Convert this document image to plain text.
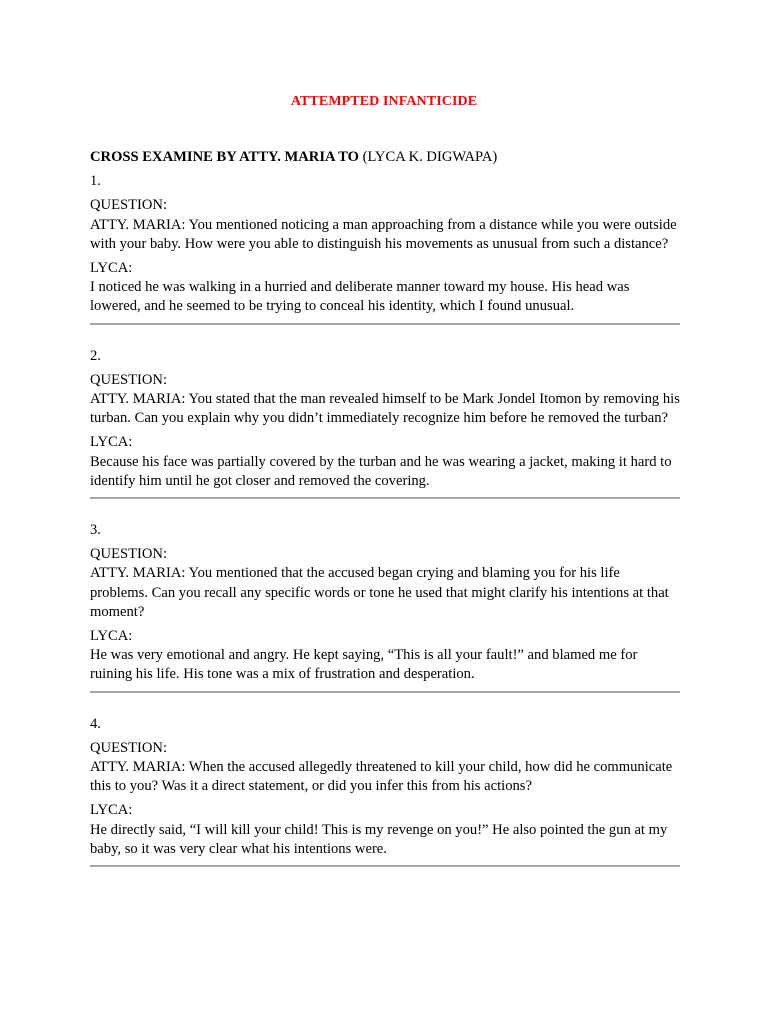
ATTEMPTED INFANTICIDE

CROSS EXAMINE BY ATTY. MARIA TO (LYCA K. DIGWAPA)

1.

QUESTION:

ATTY. MARIA: You mentioned noticing a man approaching from a distance while you were outside with your baby. How were you able to distinguish his movements as unusual from such a distance?

LYCA:

I noticed he was walking in a hurried and deliberate manner toward my house. His head was lowered, and he seemed to be trying to conceal his identity, which I found unusual.

2.

QUESTION:

ATTY. MARIA: You stated that the man revealed himself to be Mark Jondel Itomon by removing his turban. Can you explain why you didn’t immediately recognize him before he removed the turban?

LYCA:

Because his face was partially covered by the turban and he was wearing a jacket, making it hard to identify him until he got closer and removed the covering.

3.

QUESTION:

ATTY. MARIA: You mentioned that the accused began crying and blaming you for his life problems. Can you recall any specific words or tone he used that might clarify his intentions at that moment?

LYCA:

He was very emotional and angry. He kept saying, “This is all your fault!” and blamed me for ruining his life. His tone was a mix of frustration and desperation.

4.

QUESTION:

ATTY. MARIA: When the accused allegedly threatened to kill your child, how did he communicate this to you? Was it a direct statement, or did you infer this from his actions?

LYCA:

He directly said, “I will kill your child! This is my revenge on you!” He also pointed the gun at my baby, so it was very clear what his intentions were.
